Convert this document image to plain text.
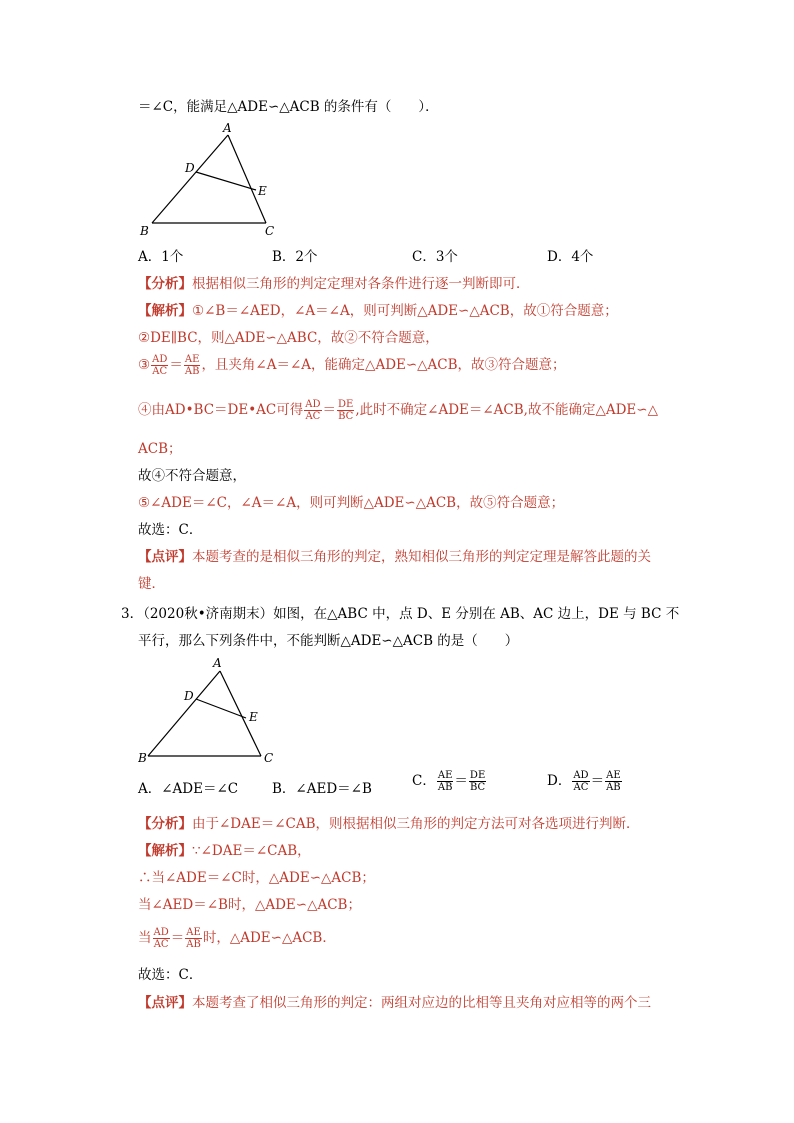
＝∠C，能满足△ADE∽△ACB 的条件有（　　）．
A
D
E
B	C
A．1个	B．2个	C．3个	D．4个
【分析】根据相似三角形的判定定理对各条件进行逐一判断即可．
【解析】①∠B＝∠AED，∠A＝∠A，则可判断△ADE∽△ACB，故①符合题意；
②DE∥BC，则△ADE∽△ABC，故②不符合题意，
③ $\frac{AD}{AC} = \frac{AE}{AB}$ ，且夹角∠A＝∠A，能确定△ADE∽△ACB，故③符合题意；
④由AD•BC＝DE•AC可得 $\frac{AD}{AC} = \frac{DE}{BC}$ ,此时不确定∠ADE＝∠ACB,故不能确定△ADE∽△
ACB；
故④不符合题意，
⑤∠ADE＝∠C，∠A＝∠A，则可判断△ADE∽△ACB，故⑤符合题意；
故选：C．
【点评】本题考查的是相似三角形的判定，熟知相似三角形的判定定理是解答此题的关
键．
3．（2020秋•济南期末）如图，在△ABC 中，点 D、E 分别在 AB、AC 边上，DE 与 BC 不
平行，那么下列条件中，不能判断△ADE∽△ACB 的是（　　）
A
D
E
B	C
A．∠ADE＝∠C	B．∠AED＝∠B	C． $\frac{AE}{AB} = \frac{DE}{BC}$	D． $\frac{AD}{AC} = \frac{AE}{AB}$
【分析】由于∠DAE＝∠CAB，则根据相似三角形的判定方法可对各选项进行判断．
【解析】∵∠DAE＝∠CAB，
∴当∠ADE＝∠C时，△ADE∽△ACB；
当∠AED＝∠B时，△ADE∽△ACB；
当 $\frac{AD}{AC} = \frac{AE}{AB}$ 时，△ADE∽△ACB．
故选：C．
【点评】本题考查了相似三角形的判定：两组对应边的比相等且夹角对应相等的两个三
